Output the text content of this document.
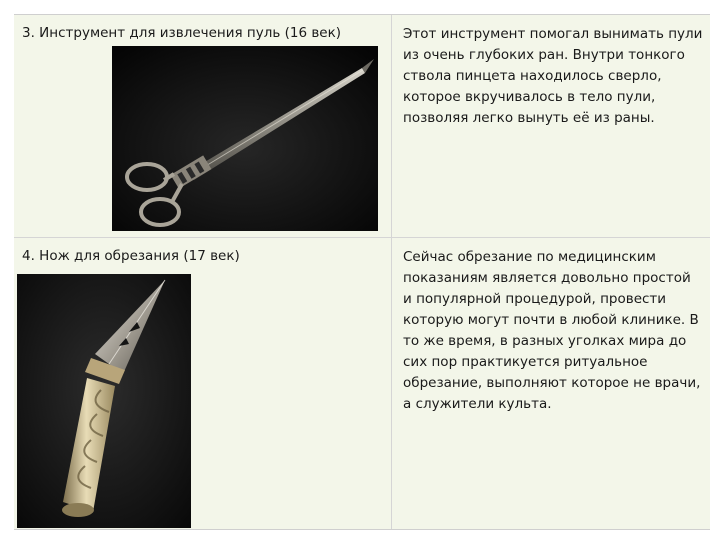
3. Инструмент для извлечения пуль (16 век)	Этот инструмент помогал вынимать пули из очень глубоких ран. Внутри тонкого ствола пинцета находилось сверло, которое вкручивалось в тело пули, позволяя легко вынуть её из раны.

4. Нож для обрезания (17 век)	Сейчас обрезание по медицинским показаниям является довольно простой и популярной процедурой, провести которую могут почти в любой клинике. В то же время, в разных уголках мира до сих пор практикуется ритуальное обрезание, выполняют которое не врачи, а служители культа.
